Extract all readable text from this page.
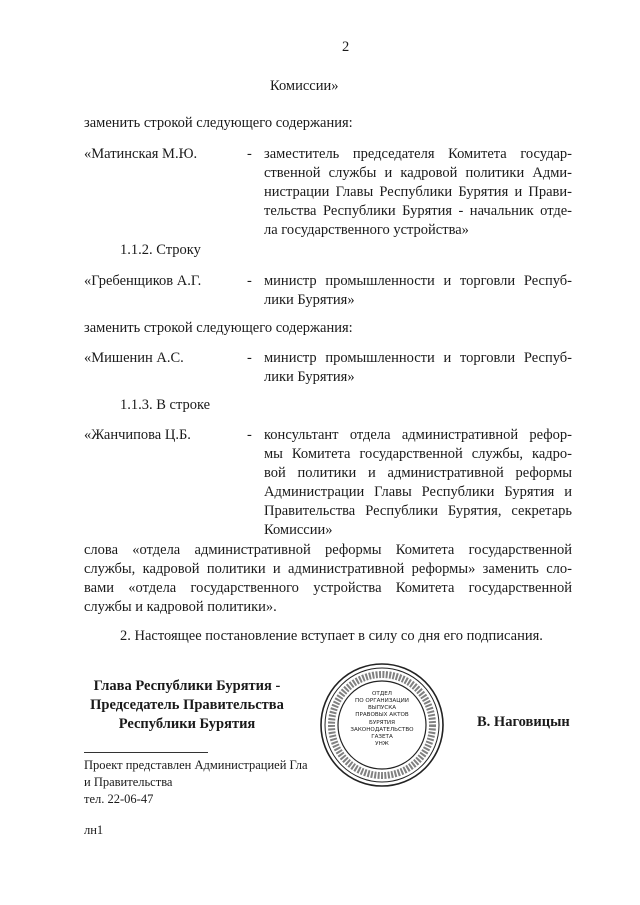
2
Комиссии»
заменить строкой следующего содержания:
«Матинская М.Ю.	- заместитель председателя Комитета государ-
ственной службы и кадровой политики Адми-
нистрации Главы Республики Бурятия и Прави-
тельства Республики Бурятия - начальник отде-
ла государственного устройства»
1.1.2. Строку
«Гребенщиков А.Г.	- министр промышленности и торговли Респуб-
лики Бурятия»
заменить строкой следующего содержания:
«Мишенин А.С.	- министр промышленности и торговли Респуб-
лики Бурятия»
1.1.3. В строке
«Жанчипова Ц.Б.	- консультант отдела административной рефор-
мы Комитета государственной службы, кадро-
вой политики и административной реформы
Администрации Главы Республики Бурятия и
Правительства Республики Бурятия, секретарь
Комиссии»
слова «отдела административной реформы Комитета государственной
службы, кадровой политики и административной реформы» заменить сло-
вами «отдела государственного устройства Комитета государственной
службы и кадровой политики».
2. Настоящее постановление вступает в силу со дня его подписания.
Глава Республики Бурятия -
Председатель Правительства
Республики Бурятия	В. Наговицын
ОТДЕЛ
ПО ОРГАНИЗАЦИИ
ВЫПУСКА
ПРАВОВЫХ АКТОВ
БУРЯТИЯ
ЗАКОНОДАТЕЛЬСТВО
ГАЗЕТА
УНЖ
Проект представлен Администрацией Гла
и Правительства
тел. 22-06-47
лн1
